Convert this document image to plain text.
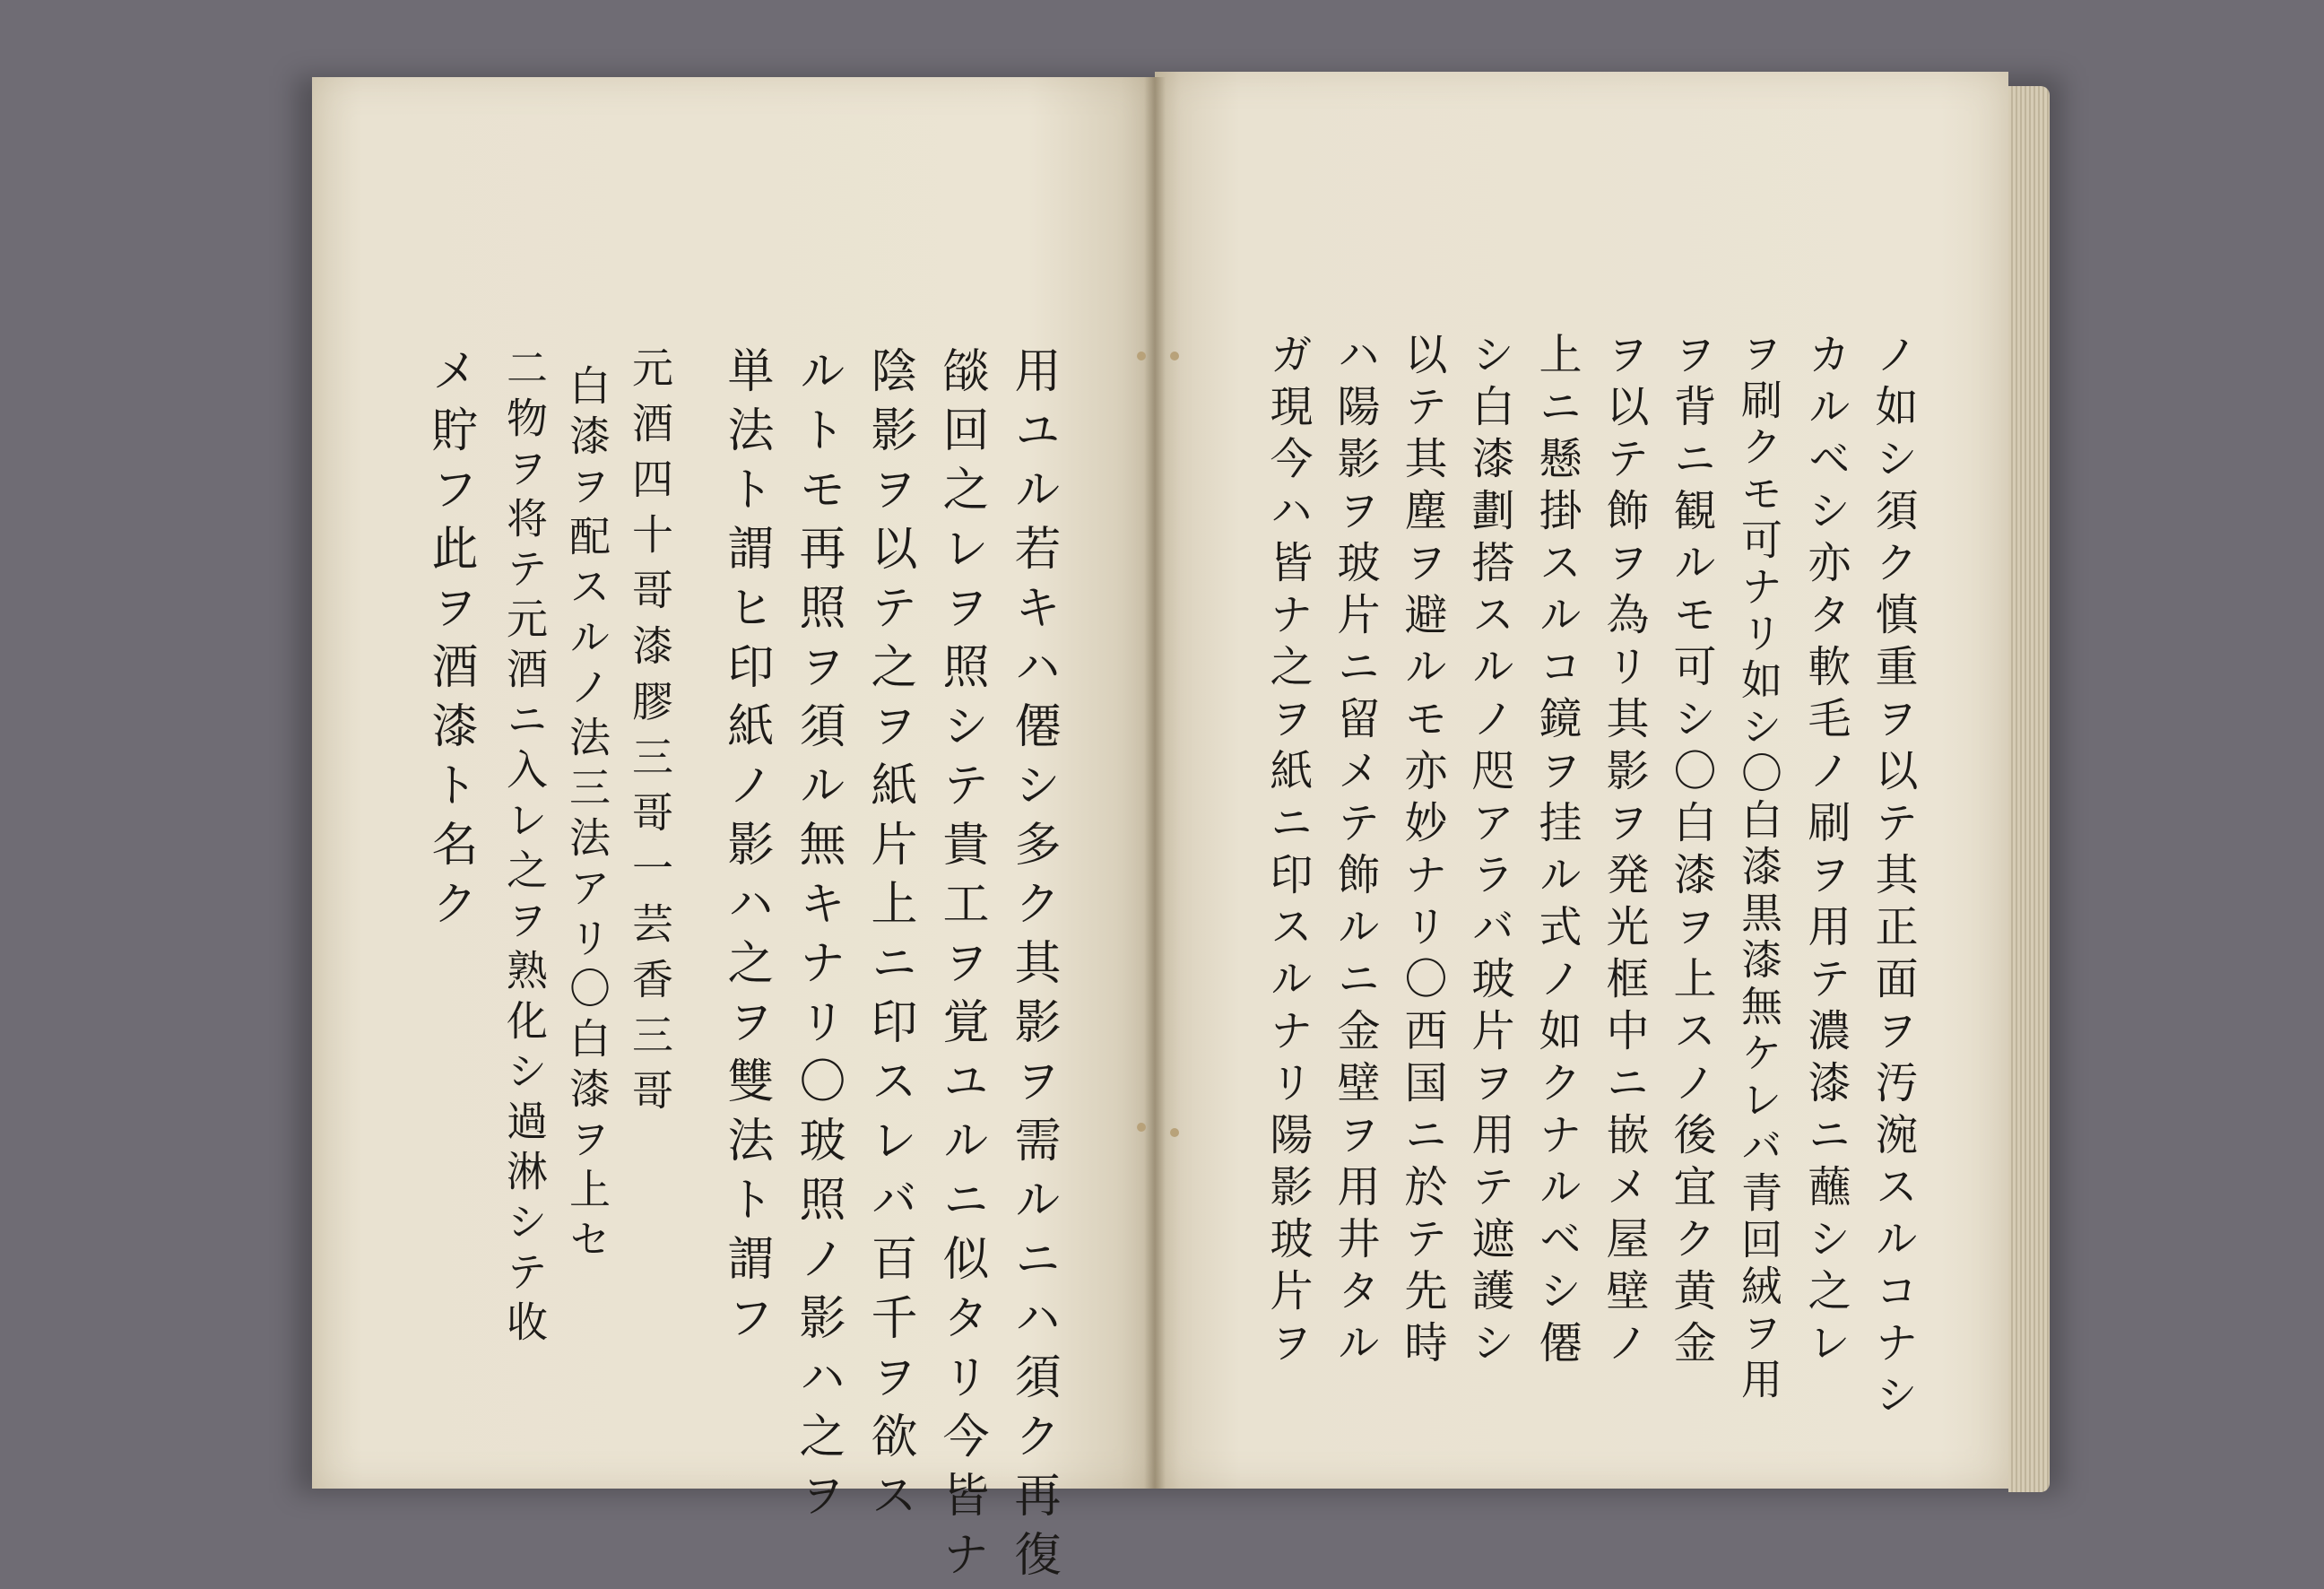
用ユル若キハ僊シ多ク其影ヲ需ルニハ須ク再復
燄回之レヲ照シテ貴工ヲ覚ユルニ似タリ今皆ナ
陰影ヲ以テ之ヲ紙片上ニ印スレバ百千ヲ欲ス
ルトモ再照ヲ須ル無キナリ〇玻照ノ影ハ之ヲ
単法ト謂ヒ印紙ノ影ハ之ヲ雙法ト謂フ
元酒四十哥漆膠三哥一芸香三哥
白漆ヲ配スルノ法三法アリ〇白漆ヲ上セ
二物ヲ将テ元酒ニ入レ之ヲ熟化シ過淋シテ收
メ貯フ此ヲ酒漆ト名ク	ノ如シ須ク慎重ヲ以テ其正面ヲ汚涴スルコナシ
カルベシ亦タ軟毛ノ刷ヲ用テ濃漆ニ蘸シ之レ
ヲ刷クモ可ナリ如シ〇白漆黒漆無ケレバ青回絨ヲ用
ヲ背ニ観ルモ可シ〇白漆ヲ上スノ後宜ク黄金
ヲ以テ飾ヲ為リ其影ヲ発光框中ニ嵌メ屋壁ノ
上ニ懸掛スルコ鏡ヲ挂ル式ノ如クナルベシ僊
シ白漆劃搭スルノ咫アラバ玻片ヲ用テ遮護シ
以テ其塵ヲ避ルモ亦妙ナリ〇西国ニ於テ先時
ハ陽影ヲ玻片ニ留メテ飾ルニ金壁ヲ用井タル
ガ現今ハ皆ナ之ヲ紙ニ印スルナリ陽影玻片ヲ
